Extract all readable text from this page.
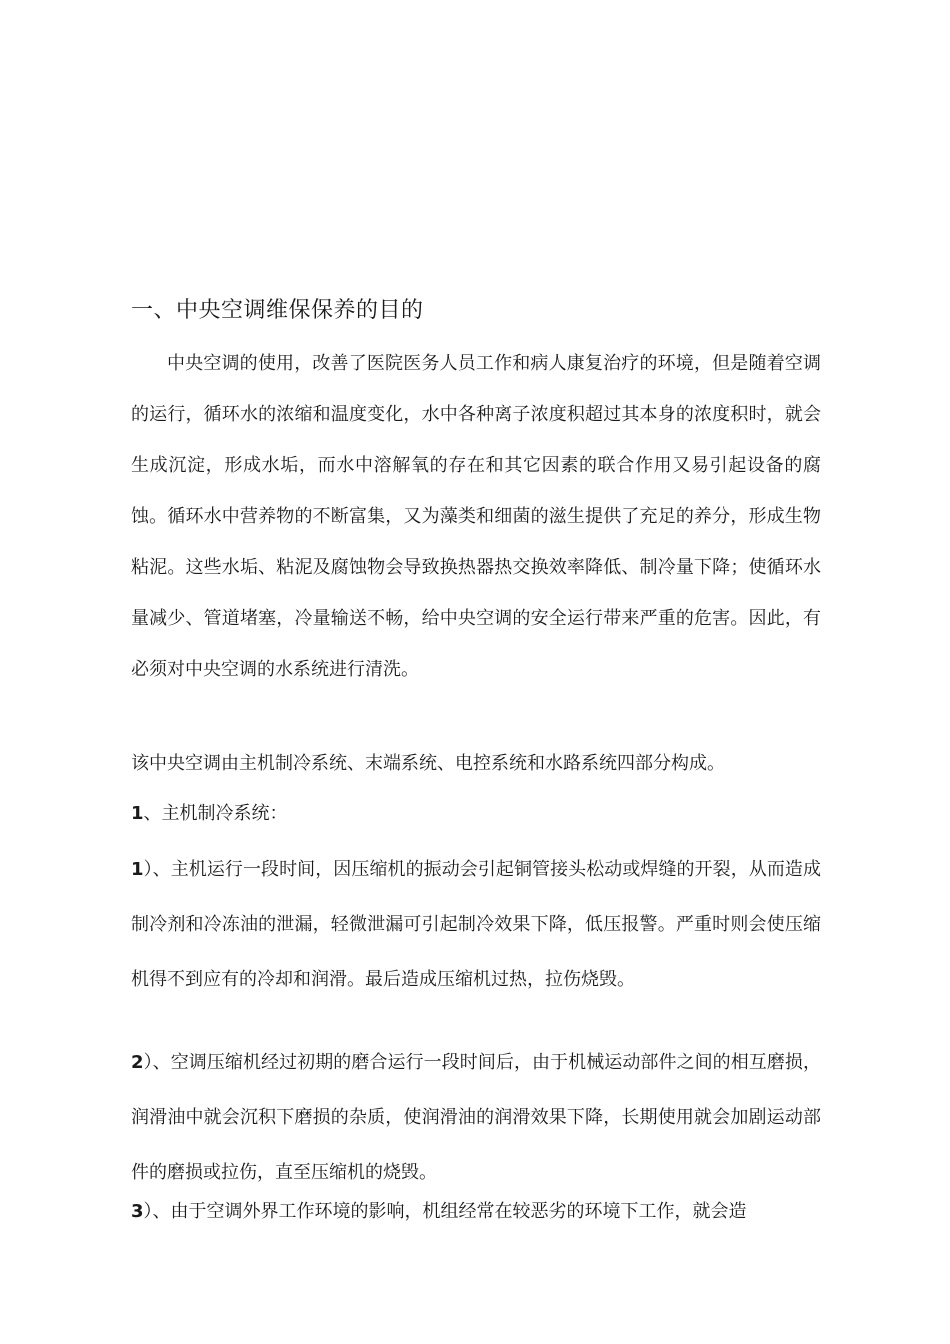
一、中央空调维保保养的目的
中央空调的使用，改善了医院医务人员工作和病人康复治疗的环境，但是随着空调的运行，循环水的浓缩和温度变化，水中各种离子浓度积超过其本身的浓度积时，就会生成沉淀，形成水垢，而水中溶解氧的存在和其它因素的联合作用又易引起设备的腐蚀。循环水中营养物的不断富集，又为藻类和细菌的滋生提供了充足的养分，形成生物粘泥。这些水垢、粘泥及腐蚀物会导致换热器热交换效率降低、制冷量下降；使循环水量减少、管道堵塞，冷量输送不畅，给中央空调的安全运行带来严重的危害。因此，有必须对中央空调的水系统进行清洗。
该中央空调由主机制冷系统、末端系统、电控系统和水路系统四部分构成。
1、主机制冷系统：
1）、主机运行一段时间，因压缩机的振动会引起铜管接头松动或焊缝的开裂，从而造成制冷剂和冷冻油的泄漏，轻微泄漏可引起制冷效果下降，低压报警。严重时则会使压缩机得不到应有的冷却和润滑。最后造成压缩机过热，拉伤烧毁。
2）、空调压缩机经过初期的磨合运行一段时间后，由于机械运动部件之间的相互磨损，润滑油中就会沉积下磨损的杂质，使润滑油的润滑效果下降，长期使用就会加剧运动部件的磨损或拉伤，直至压缩机的烧毁。
3）、由于空调外界工作环境的影响，机组经常在较恶劣的环境下工作，就会造
